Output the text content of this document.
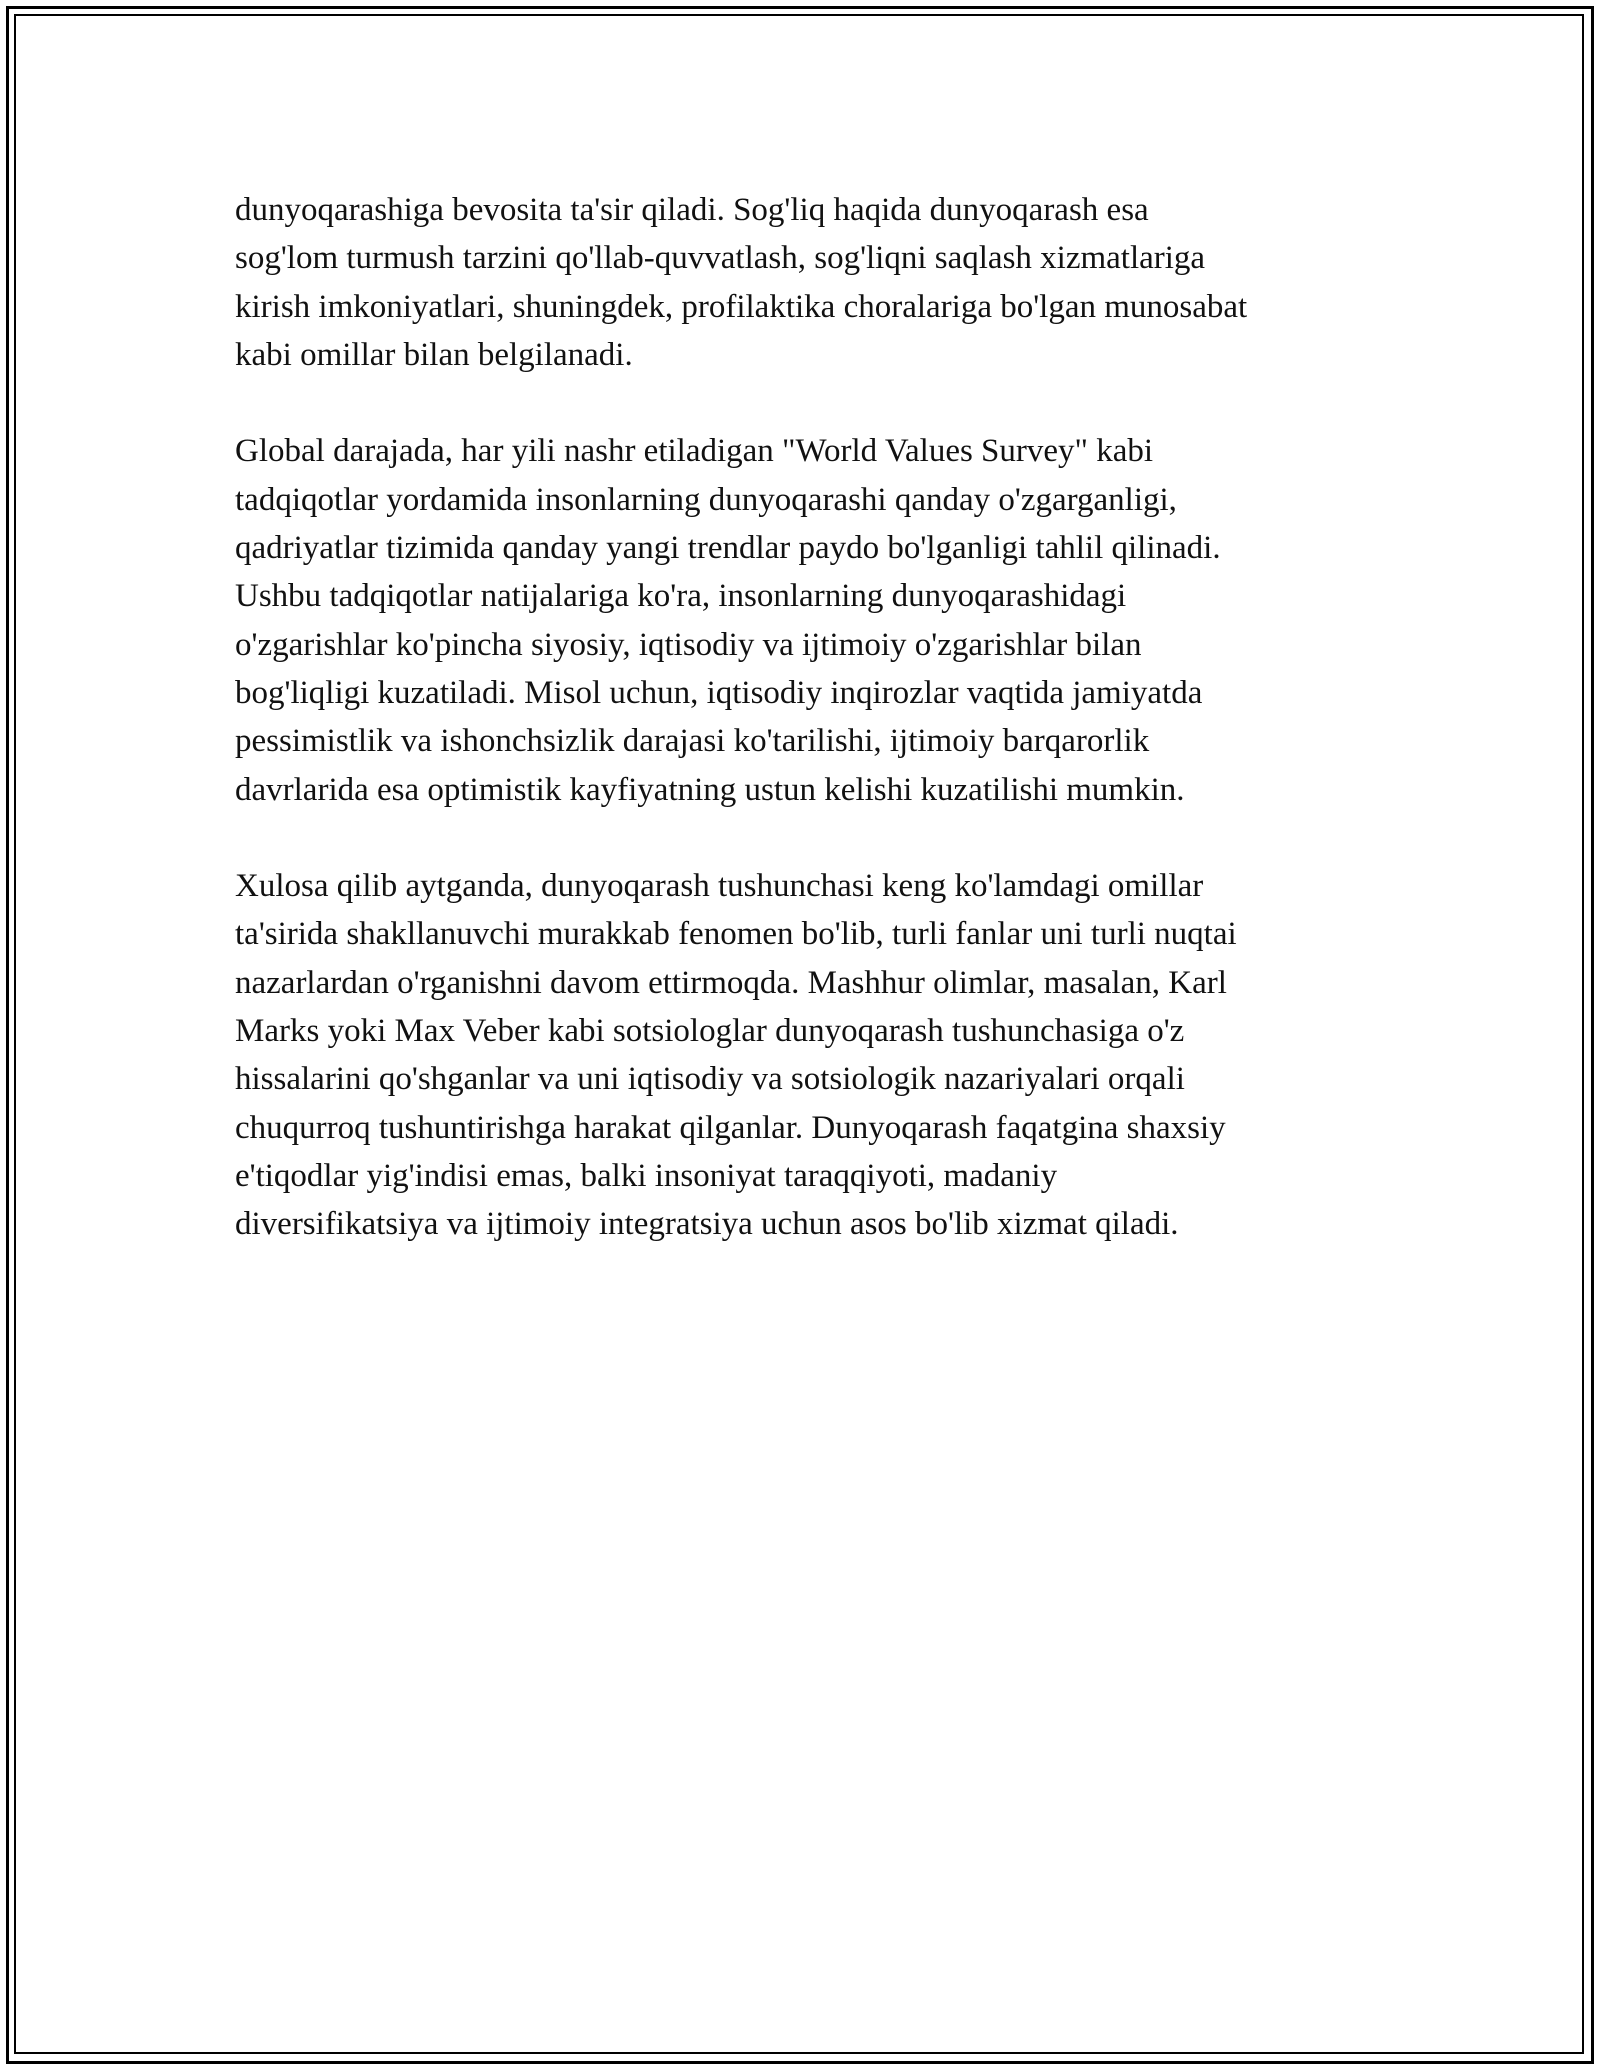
dunyoqarashiga bevosita ta'sir qiladi. Sog'liq haqida dunyoqarash esa
sog'lom turmush tarzini qo'llab-quvvatlash, sog'liqni saqlash xizmatlariga
kirish imkoniyatlari, shuningdek, profilaktika choralariga bo'lgan munosabat
kabi omillar bilan belgilanadi.

Global darajada, har yili nashr etiladigan "World Values Survey" kabi
tadqiqotlar yordamida insonlarning dunyoqarashi qanday o'zgarganligi,
qadriyatlar tizimida qanday yangi trendlar paydo bo'lganligi tahlil qilinadi.
Ushbu tadqiqotlar natijalariga ko'ra, insonlarning dunyoqarashidagi
o'zgarishlar ko'pincha siyosiy, iqtisodiy va ijtimoiy o'zgarishlar bilan
bog'liqligi kuzatiladi. Misol uchun, iqtisodiy inqirozlar vaqtida jamiyatda
pessimistlik va ishonchsizlik darajasi ko'tarilishi, ijtimoiy barqarorlik
davrlarida esa optimistik kayfiyatning ustun kelishi kuzatilishi mumkin.

Xulosa qilib aytganda, dunyoqarash tushunchasi keng ko'lamdagi omillar
ta'sirida shakllanuvchi murakkab fenomen bo'lib, turli fanlar uni turli nuqtai
nazarlardan o'rganishni davom ettirmoqda. Mashhur olimlar, masalan, Karl
Marks yoki Max Veber kabi sotsiologlar dunyoqarash tushunchasiga o'z
hissalarini qo'shganlar va uni iqtisodiy va sotsiologik nazariyalari orqali
chuqurroq tushuntirishga harakat qilganlar. Dunyoqarash faqatgina shaxsiy
e'tiqodlar yig'indisi emas, balki insoniyat taraqqiyoti, madaniy
diversifikatsiya va ijtimoiy integratsiya uchun asos bo'lib xizmat qiladi.
